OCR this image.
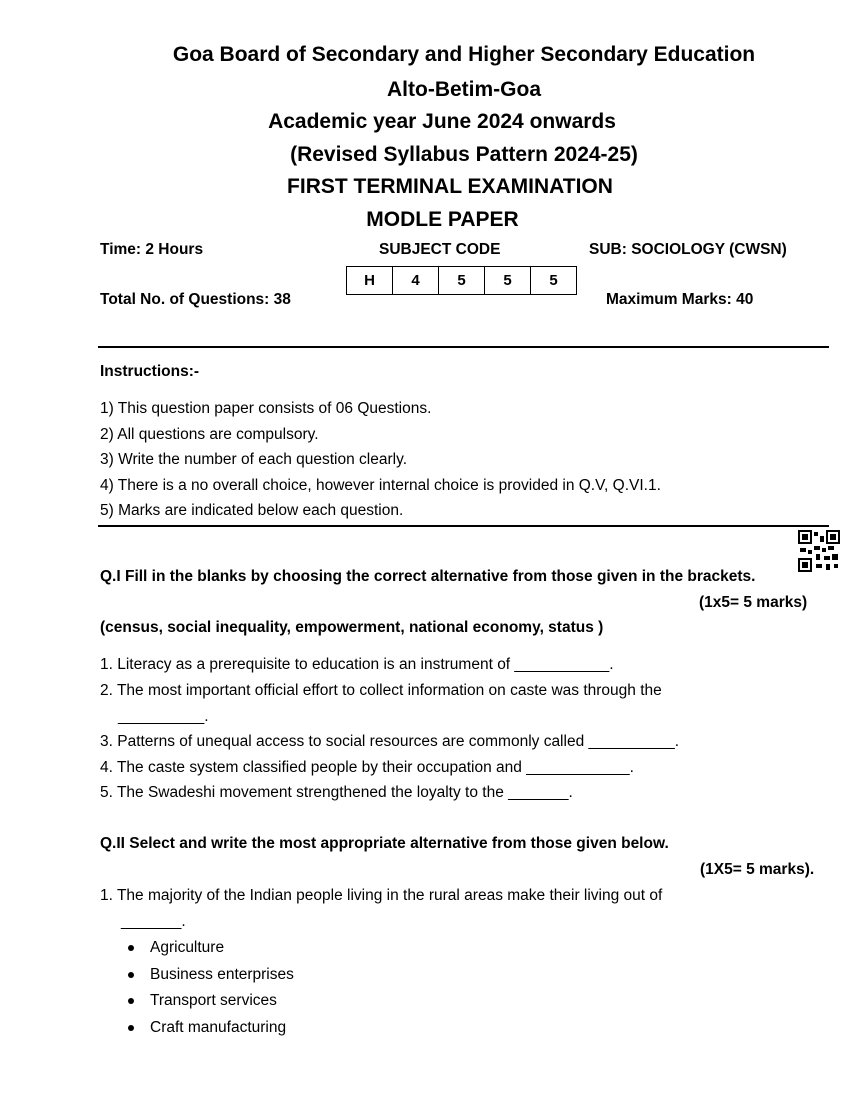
Goa Board of Secondary and Higher Secondary Education
Alto-Betim-Goa
Academic year June 2024 onwards
(Revised Syllabus Pattern 2024-25)
FIRST TERMINAL EXAMINATION
MODLE PAPER
Time: 2 Hours	SUBJECT CODE	SUB: SOCIOLOGY (CWSN)
H	4	5	5	5
Total No. of Questions: 38	Maximum Marks: 40
Instructions:-
1) This question paper consists of 06 Questions.
2) All questions are compulsory.
3) Write the number of each question clearly.
4) There is a no overall choice, however internal choice is provided in Q.V, Q.VI.1.
5) Marks are indicated below each question.
Q.I Fill in the blanks by choosing the correct alternative from those given in the brackets.
(1x5= 5 marks)
(census, social inequality, empowerment, national economy, status )
1. Literacy as a prerequisite to education is an instrument of ___________.
2. The most important official effort to collect information on caste was through the
__________.
3. Patterns of unequal access to social resources are commonly called __________.
4. The caste system classified people by their occupation and ____________.
5. The Swadeshi movement strengthened the loyalty to the _______.
Q.II Select and write the most appropriate alternative from those given below.
(1X5= 5 marks).
1. The majority of the Indian people living in the rural areas make their living out of
_______.
Agriculture
Business enterprises
Transport services
Craft manufacturing
